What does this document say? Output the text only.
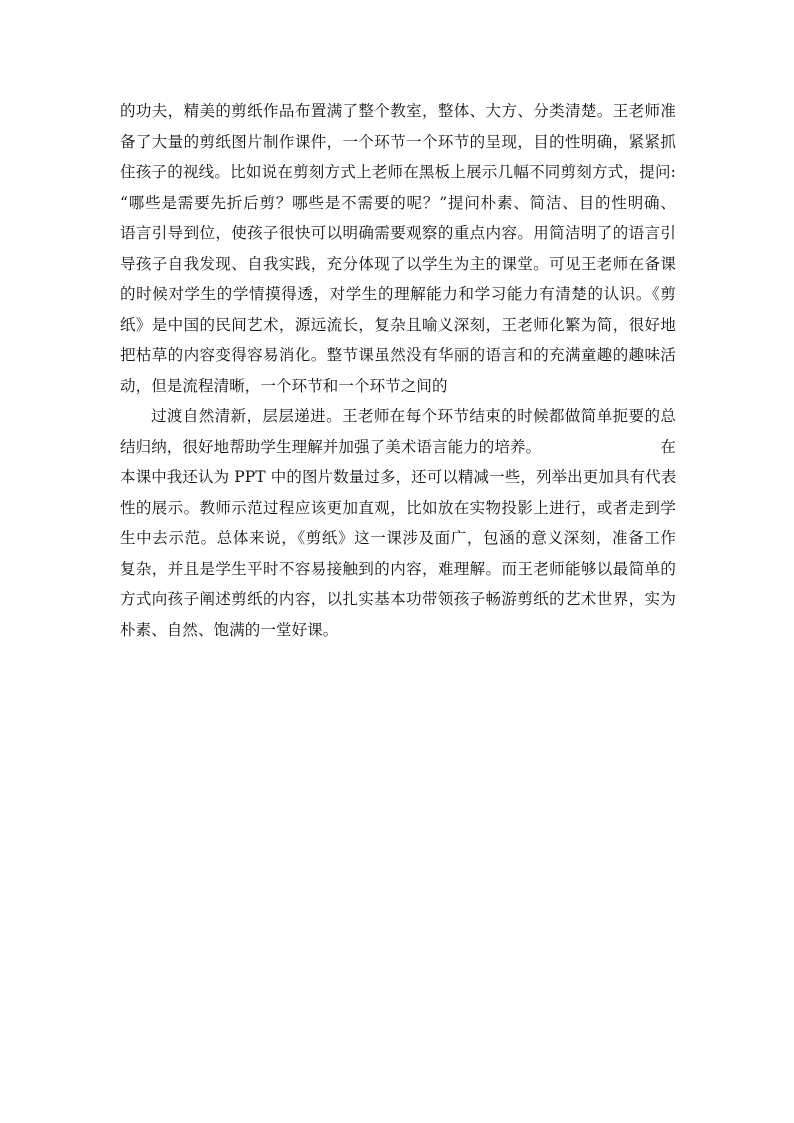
的功夫，精美的剪纸作品布置满了整个教室，整体、大方、分类清楚。王老师准
备了大量的剪纸图片制作课件，一个环节一个环节的呈现，目的性明确，紧紧抓
住孩子的视线。比如说在剪刻方式上老师在黑板上展示几幅不同剪刻方式，提问:
“哪些是需要先折后剪？哪些是不需要的呢？”提问朴素、简洁、目的性明确、
语言引导到位，使孩子很快可以明确需要观察的重点内容。用简洁明了的语言引
导孩子自我发现、自我实践，充分体现了以学生为主的课堂。可见王老师在备课
的时候对学生的学情摸得透，对学生的理解能力和学习能力有清楚的认识。《剪
纸》是中国的民间艺术，源远流长，复杂且喻义深刻，王老师化繁为简，很好地
把枯草的内容变得容易消化。整节课虽然没有华丽的语言和的充满童趣的趣味活
动，但是流程清晰，一个环节和一个环节之间的
过渡自然清新，层层递进。王老师在每个环节结束的时候都做简单扼要的总
结归纳，很好地帮助学生理解并加强了美术语言能力的培养。	在
本课中我还认为 PPT 中的图片数量过多，还可以精减一些，列举出更加具有代表
性的展示。教师示范过程应该更加直观，比如放在实物投影上进行，或者走到学
生中去示范。总体来说，《剪纸》这一课涉及面广，包涵的意义深刻，准备工作
复杂，并且是学生平时不容易接触到的内容，难理解。而王老师能够以最简单的
方式向孩子阐述剪纸的内容，以扎实基本功带领孩子畅游剪纸的艺术世界，实为
朴素、自然、饱满的一堂好课。
